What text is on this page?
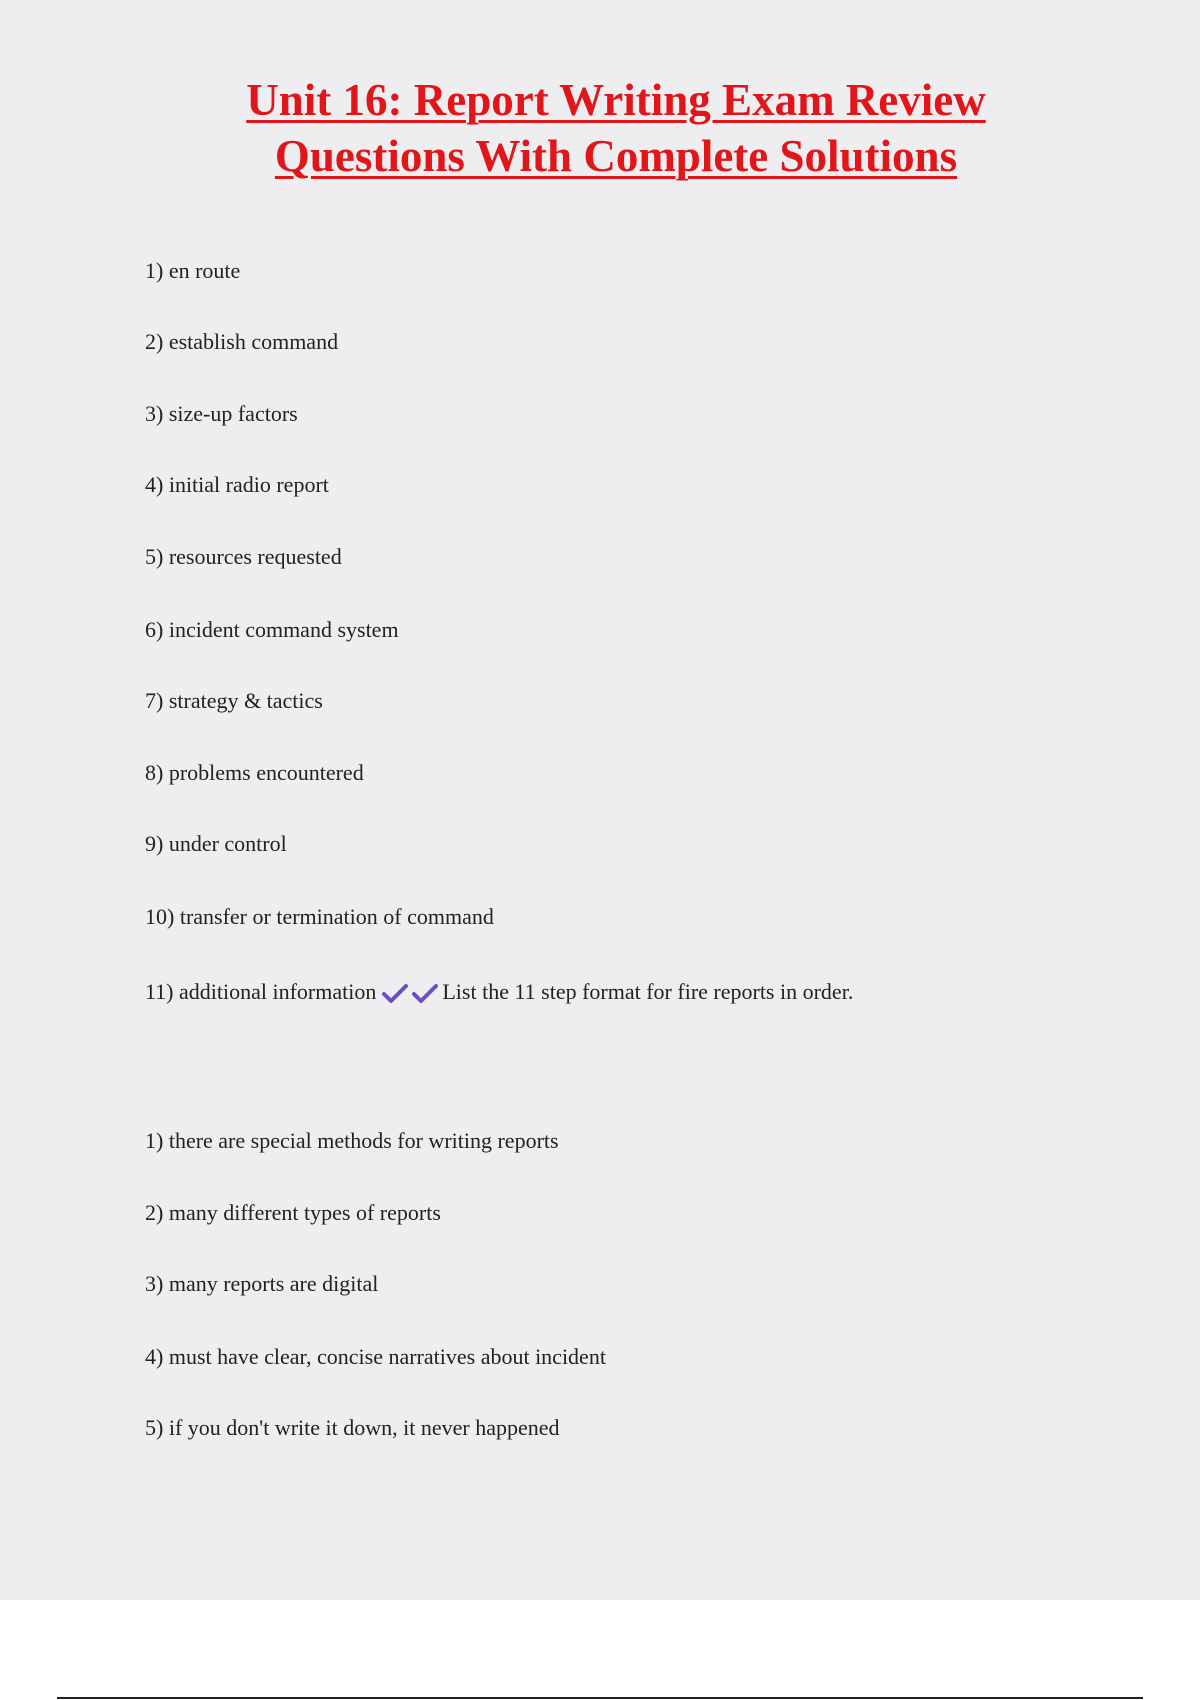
Unit 16: Report Writing Exam Review
Questions With Complete Solutions
1) en route
2) establish command
3) size-up factors
4) initial radio report
5) resources requested
6) incident command system
7) strategy & tactics
8) problems encountered
9) under control
10) transfer or termination of command
11) additional information	List the 11 step format for fire reports in order.
1) there are special methods for writing reports
2) many different types of reports
3) many reports are digital
4) must have clear, concise narratives about incident
5) if you don't write it down, it never happened
